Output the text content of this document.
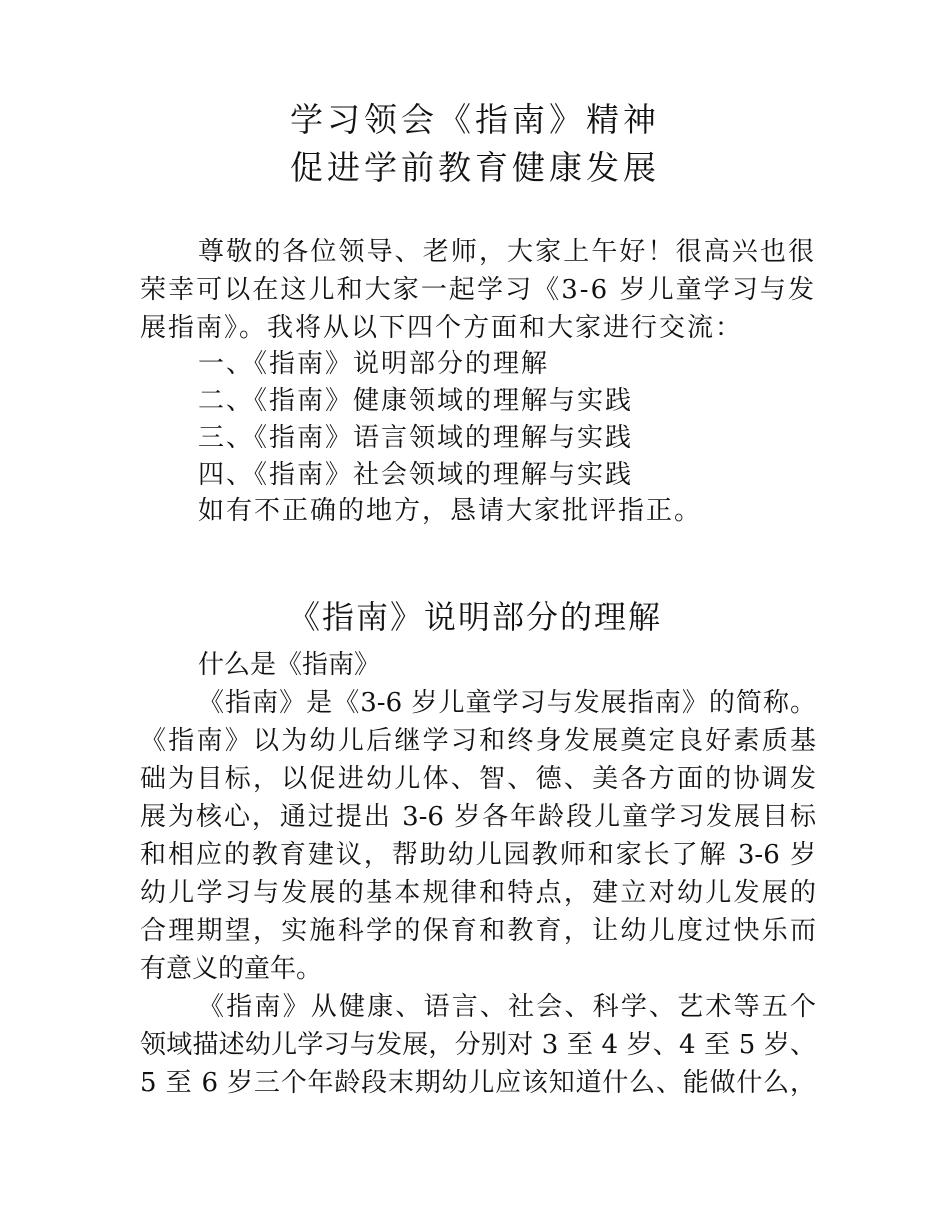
学习领会《指南》精神
促进学前教育健康发展
尊敬的各位领导、老师，大家上午好！很高兴也很
荣幸可以在这儿和大家一起学习《3-6 岁儿童学习与发
展指南》。我将从以下四个方面和大家进行交流：
一、《指南》说明部分的理解
二、《指南》健康领域的理解与实践
三、《指南》语言领域的理解与实践
四、《指南》社会领域的理解与实践
如有不正确的地方，恳请大家批评指正。
《指南》说明部分的理解
什么是《指南》
《指南》是《3-6 岁儿童学习与发展指南》的简称。
《指南》以为幼儿后继学习和终身发展奠定良好素质基
础为目标，以促进幼儿体、智、德、美各方面的协调发
展为核心，通过提出 3-6 岁各年龄段儿童学习发展目标
和相应的教育建议，帮助幼儿园教师和家长了解 3-6 岁
幼儿学习与发展的基本规律和特点，建立对幼儿发展的
合理期望，实施科学的保育和教育，让幼儿度过快乐而
有意义的童年。
《指南》从健康、语言、社会、科学、艺术等五个
领域描述幼儿学习与发展，分别对 3 至 4 岁、4 至 5 岁、
5 至 6 岁三个年龄段末期幼儿应该知道什么、能做什么，
